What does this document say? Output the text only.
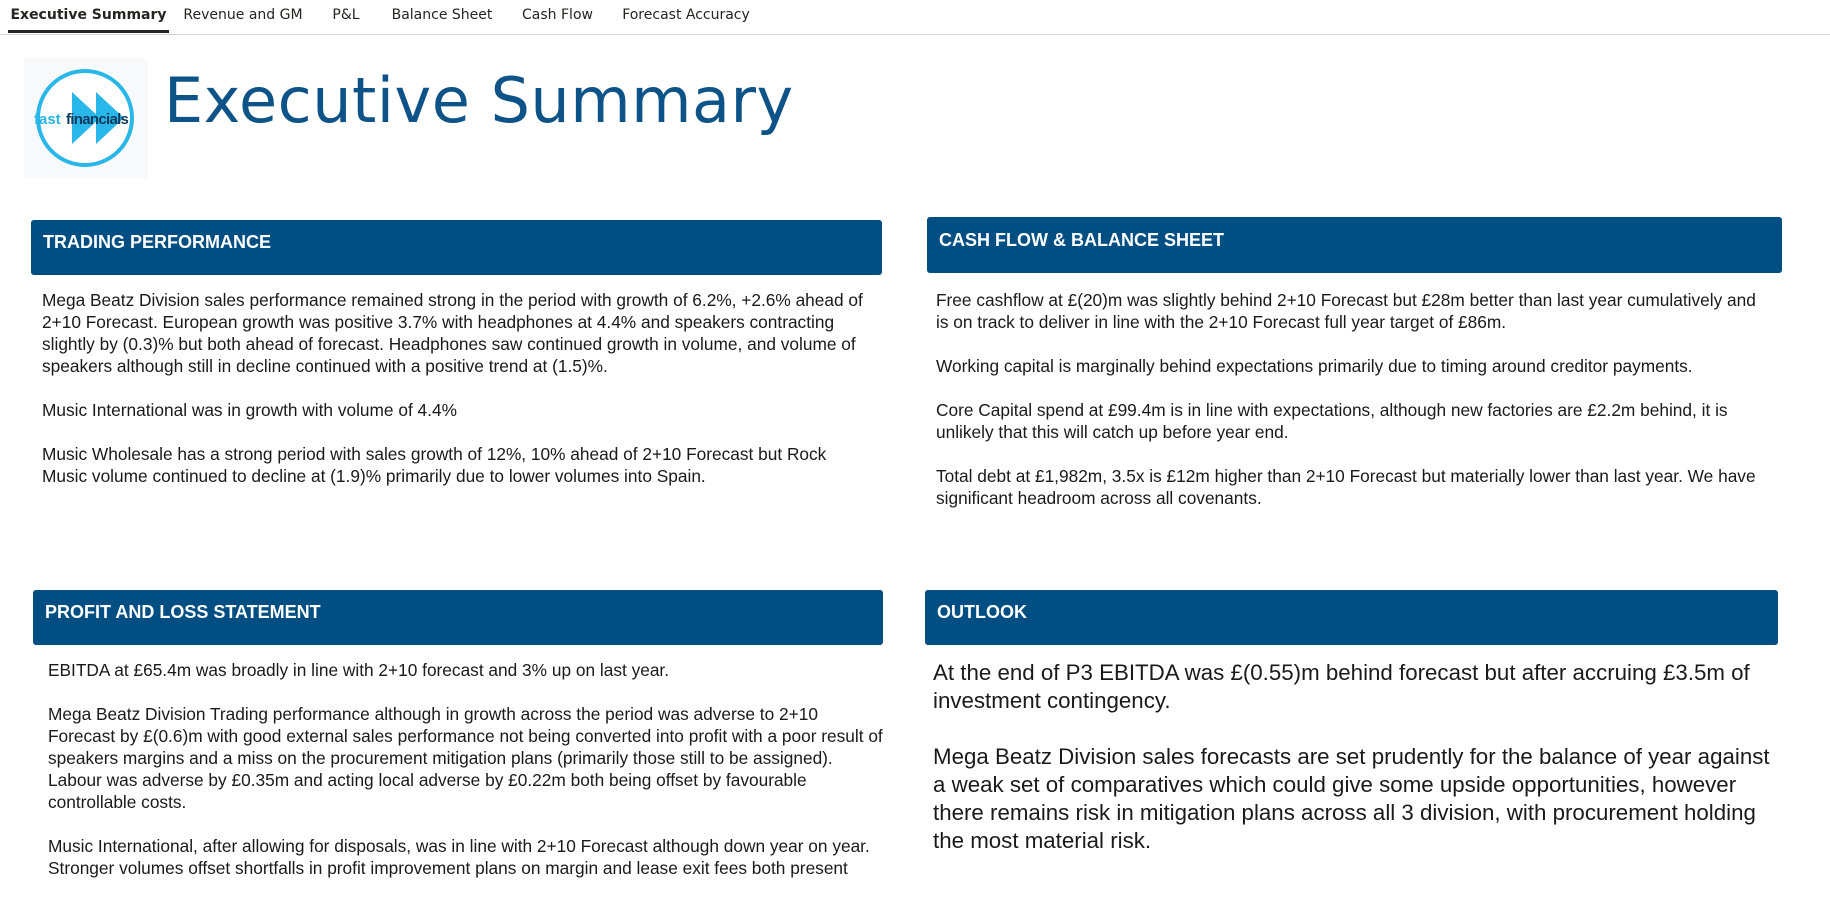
Executive Summary Revenue and GM	P&L	Balance Sheet Cash Flow Forecast Accuracy
fast financials Executive Summary
TRADING PERFORMANCE

Mega Beatz Division sales performance remained strong in the period with growth of 6.2%, +2.6% ahead of 2+10 Forecast. European growth was positive 3.7% with headphones at 4.4% and speakers contracting slightly by (0.3)% but both ahead of forecast. Headphones saw continued growth in volume, and volume of speakers although still in decline continued with a positive trend at (1.5)%.

Music International was in growth with volume of 4.4%

Music Wholesale has a strong period with sales growth of 12%, 10% ahead of 2+10 Forecast but Rock Music volume continued to decline at (1.9)% primarily due to lower volumes into Spain.

CASH FLOW & BALANCE SHEET

Free cashflow at £(20)m was slightly behind 2+10 Forecast but £28m better than last year cumulatively and is on track to deliver in line with the 2+10 Forecast full year target of £86m.

Working capital is marginally behind expectations primarily due to timing around creditor payments.

Core Capital spend at £99.4m is in line with expectations, although new factories are £2.2m behind, it is unlikely that this will catch up before year end.

Total debt at £1,982m, 3.5x is £12m higher than 2+10 Forecast but materially lower than last year. We have significant headroom across all covenants.

PROFIT AND LOSS STATEMENT

EBITDA at £65.4m was broadly in line with 2+10 forecast and 3% up on last year.

Mega Beatz Division Trading performance although in growth across the period was adverse to 2+10 Forecast by £(0.6)m with good external sales performance not being converted into profit with a poor result of speakers margins and a miss on the procurement mitigation plans (primarily those still to be assigned). Labour was adverse by £0.35m and acting local adverse by £0.22m both being offset by favourable controllable costs.

Music International, after allowing for disposals, was in line with 2+10 Forecast although down year on year. Stronger volumes offset shortfalls in profit improvement plans on margin and lease exit fees both present

OUTLOOK

At the end of P3 EBITDA was £(0.55)m behind forecast but after accruing £3.5m of investment contingency.

Mega Beatz Division sales forecasts are set prudently for the balance of year against a weak set of comparatives which could give some upside opportunities, however there remains risk in mitigation plans across all 3 division, with procurement holding the most material risk.
